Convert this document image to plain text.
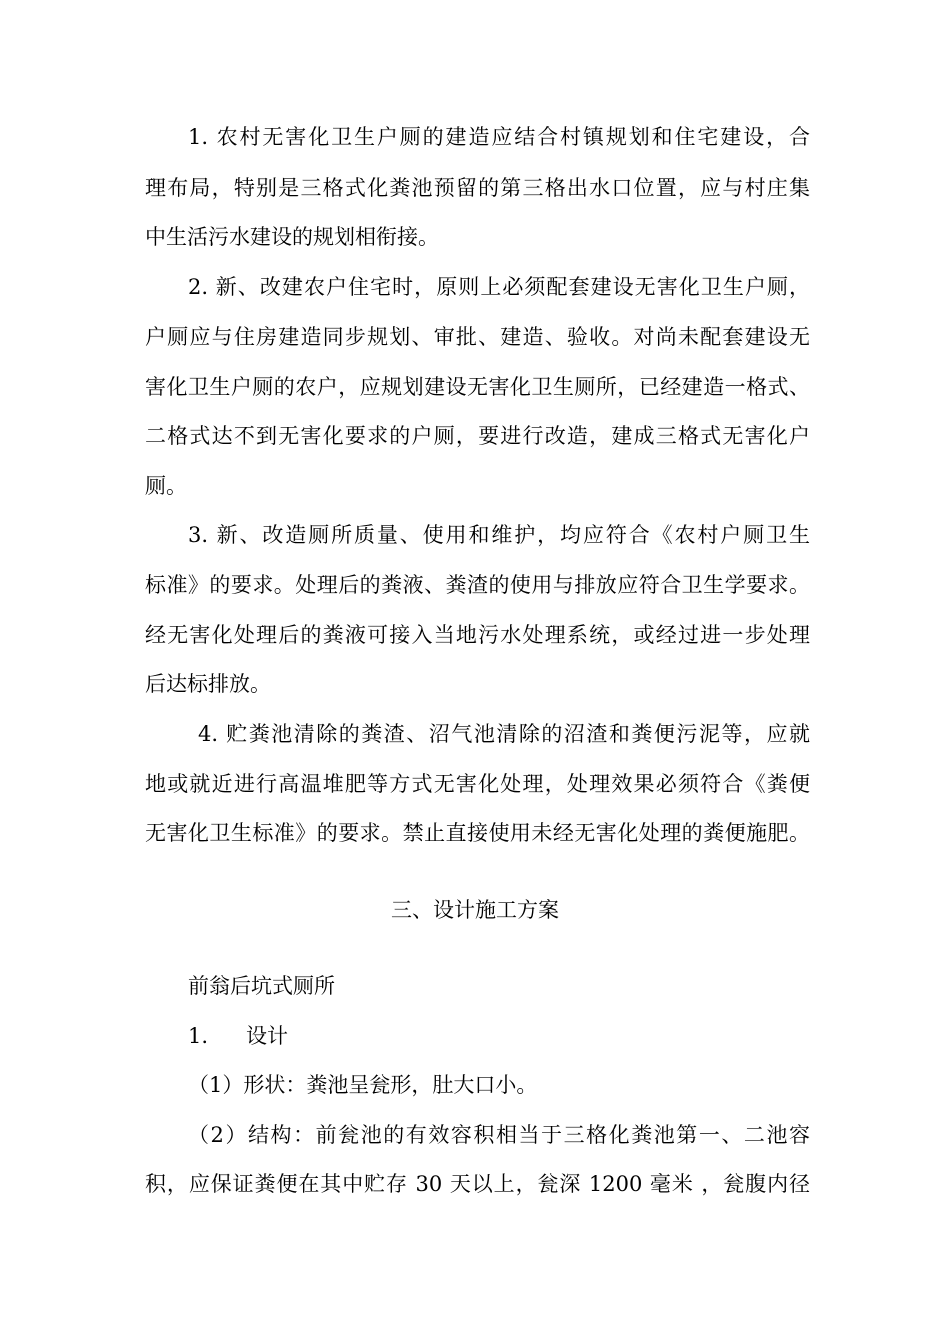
1. 农村无害化卫生户厕的建造应结合村镇规划和住宅建设，合
理布局，特别是三格式化粪池预留的第三格出水口位置，应与村庄集
中生活污水建设的规划相衔接。
2. 新、改建农户住宅时，原则上必须配套建设无害化卫生户厕，
户厕应与住房建造同步规划、审批、建造、验收。对尚未配套建设无
害化卫生户厕的农户，应规划建设无害化卫生厕所，已经建造一格式、
二格式达不到无害化要求的户厕，要进行改造，建成三格式无害化户
厕。
3. 新、改造厕所质量、使用和维护，均应符合《农村户厕卫生
标准》的要求。处理后的粪液、粪渣的使用与排放应符合卫生学要求。
经无害化处理后的粪液可接入当地污水处理系统，或经过进一步处理
后达标排放。
4. 贮粪池清除的粪渣、沼气池清除的沼渣和粪便污泥等，应就
地或就近进行高温堆肥等方式无害化处理，处理效果必须符合《粪便
无害化卫生标准》的要求。禁止直接使用未经无害化处理的粪便施肥。
三、设计施工方案
前翁后坑式厕所
1. 设计
（1）形状：粪池呈瓮形，肚大口小。
（2）结构：前瓮池的有效容积相当于三格化粪池第一、二池容
积，应保证粪便在其中贮存 30 天以上，瓮深 1200 毫米 ，瓮腹内径
